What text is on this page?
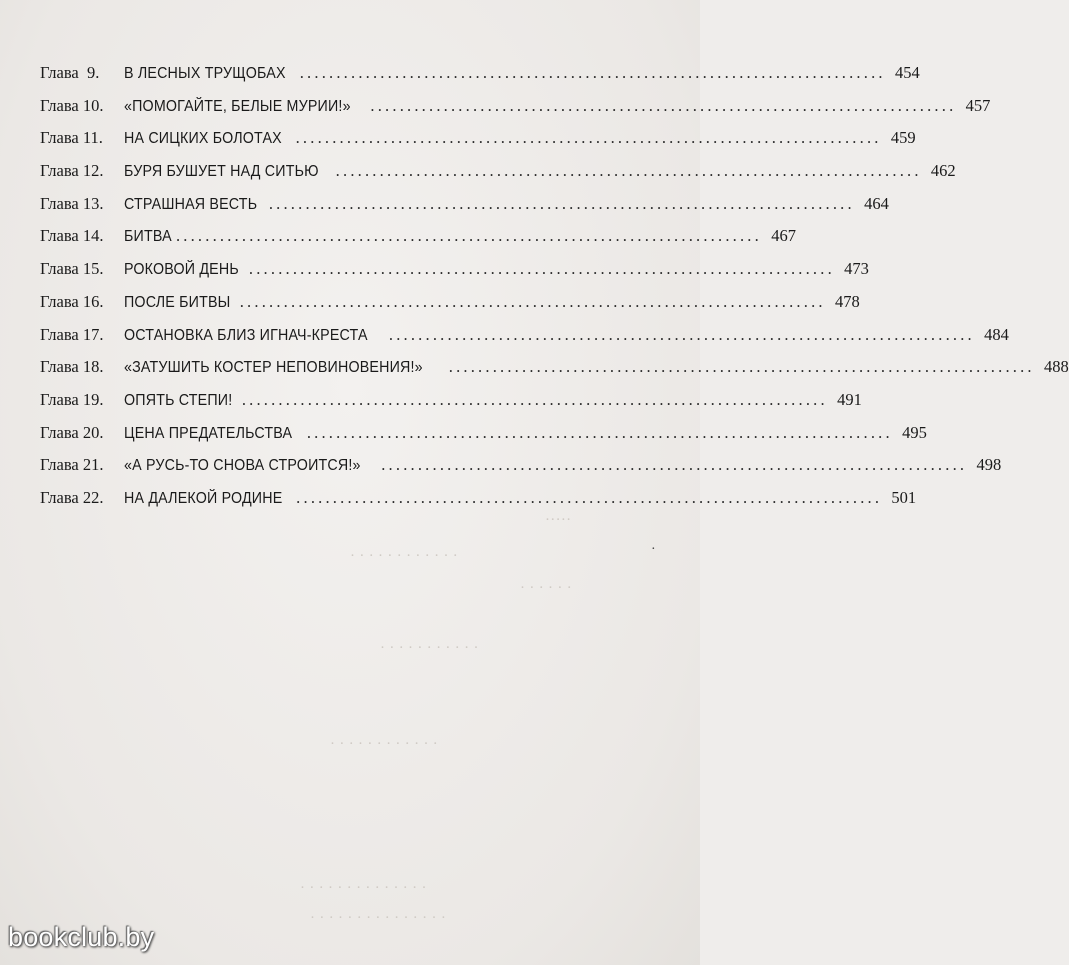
·····
· · · · · · · · · · · ·
· · · · · ·
· · · · · · · · · · ·
· · · · · · · · · · · ·
· · · · · · · · · · · · · ·
· · · · · · · · · · · · · · ·
·
Глава  9.	В ЛЕСНЫХ ТРУЩОБАХ ................................................................................ 454
Глава 10.	«ПОМОГАЙТЕ, БЕЛЫЕ МУРИИ!» ................................................................................ 457
Глава 11.	НА СИЦКИХ БОЛОТАХ ................................................................................ 459
Глава 12.	БУРЯ БУШУЕТ НАД СИТЬЮ ................................................................................ 462
Глава 13.	СТРАШНАЯ ВЕСТЬ ................................................................................ 464
Глава 14.	БИТВА ................................................................................ 467
Глава 15.	РОКОВОЙ ДЕНЬ ................................................................................ 473
Глава 16.	ПОСЛЕ БИТВЫ ................................................................................ 478
Глава 17.	ОСТАНОВКА БЛИЗ ИГНАЧ-КРЕСТА ................................................................................ 484
Глава 18.	«ЗАТУШИТЬ КОСТЕР НЕПОВИНОВЕНИЯ!» ................................................................................ 488
Глава 19.	ОПЯТЬ СТЕПИ! ................................................................................ 491
Глава 20.	ЦЕНА ПРЕДАТЕЛЬСТВА ................................................................................ 495
Глава 21.	«А РУСЬ-ТО СНОВА СТРОИТСЯ!» ................................................................................ 498
Глава 22.	НА ДАЛЕКОЙ РОДИНЕ ................................................................................ 501
bookclub.by
